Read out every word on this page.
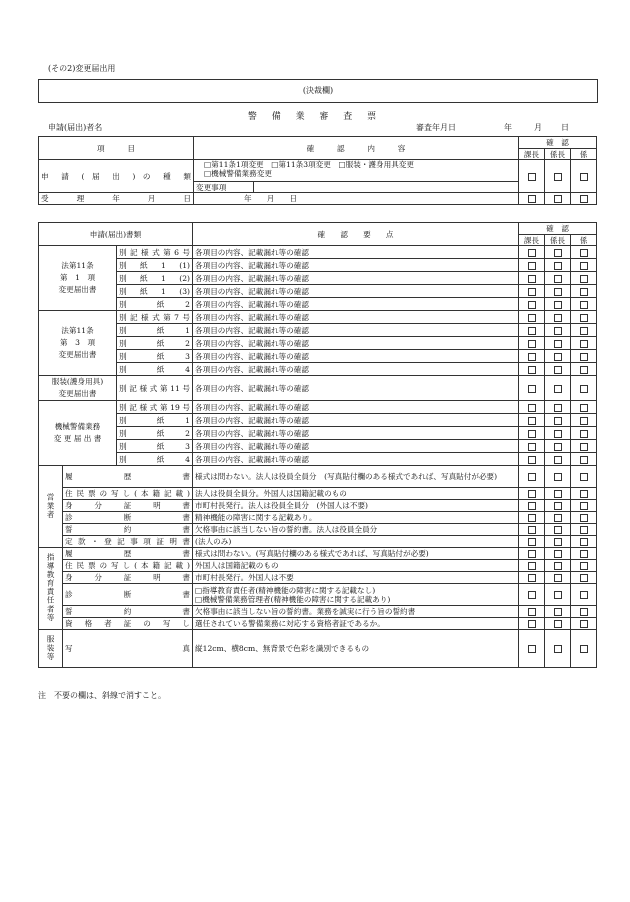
(その2)変更届出用
(決裁欄)
警 備 業 審 査 票
申請(届出)者名	審査年月日	年	月 日
項　　　目	確　　　認　　　内　　　容		確　認		
			課長	係長	係
申 請 ( 届 出 ) の 種 類	□第11条1項変更　 □第11条3項変更　 □服装・護身用具変更
□機械警備業務変更				

	変更事項				
受　　理　　年　　月　　日	年　　月　　日				
申請(届出)書類			確　　認　　要　　点	確　認		
				課長	係長	係
法第11条
第　1　項
変更届出書		別記様式第6号	各項目の内容、記載漏れ等の確認			
		別　紙　1　(1)	各項目の内容、記載漏れ等の確認			
		別　紙　1　(2)	各項目の内容、記載漏れ等の確認			
		別　紙　1　(3)	各項目の内容、記載漏れ等の確認			
		別　　　紙　　2	各項目の内容、記載漏れ等の確認			
法第11条
第　3　項
変更届出書		別記様式第7号	各項目の内容、記載漏れ等の確認			
		別　　　紙　　1	各項目の内容、記載漏れ等の確認			
		別　　　紙　　2	各項目の内容、記載漏れ等の確認			
		別　　　紙　　3	各項目の内容、記載漏れ等の確認			
		別　　　紙　　4	各項目の内容、記載漏れ等の確認			
服装(護身用具)
変更届出書		別記様式第11号	各項目の内容、記載漏れ等の確認			
機械警備業務
変 更 届 出 書		別記様式第19号	各項目の内容、記載漏れ等の確認			
		別　　　紙　　1	各項目の内容、記載漏れ等の確認			
		別　　　紙　　2	各項目の内容、記載漏れ等の確認			
		別　　　紙　　3	各項目の内容、記載漏れ等の確認			
		別　　　紙　　4	各項目の内容、記載漏れ等の確認			
営業者	履　　　　歴　　　　書		様式は問わない。法人は役員全員分　(写真貼付欄のある様式であれば、写真貼付が必要)			
	住民票の写し(本籍記載)		法人は役員全員分。外国人は国籍記載のもの			
	身　　分　　証　　明　　書		市町村長発行。法人は役員全員分　(外国人は不要)			
	診　　　　断　　　　書		精神機能の障害に関する記載あり。			
	誓　　　　約　　　　書		欠格事由に該当しない旨の誓約書。法人は役員全員分			
	定 款 ・ 登 記 事 項 証 明 書		(法人のみ)			
指導教育責任者等	履　　　　歴　　　　書		様式は問わない。(写真貼付欄のある様式であれば、写真貼付が必要)			
	住民票の写し(本籍記載)		外国人は国籍記載のもの			
	身　　分　　証　　明　　書		市町村長発行。外国人は不要			
	診　　　　断　　　　書		□指導教育責任者(精神機能の障害に関する記載なし)
□機械警備業務管理者(精神機能の障害に関する記載あり)			

	誓　　　　約　　　　書		欠格事由に該当しない旨の誓約書。業務を誠実に行う旨の誓約書			
	資 格 者 証 の 写 し		選任されている警備業務に対応する資格者証であるか。			
服装等	写　　　　　　　　　　　真		縦12cm、横8cm、無背景で色彩を識別できるもの			
注　不要の欄は、斜線で消すこと。
